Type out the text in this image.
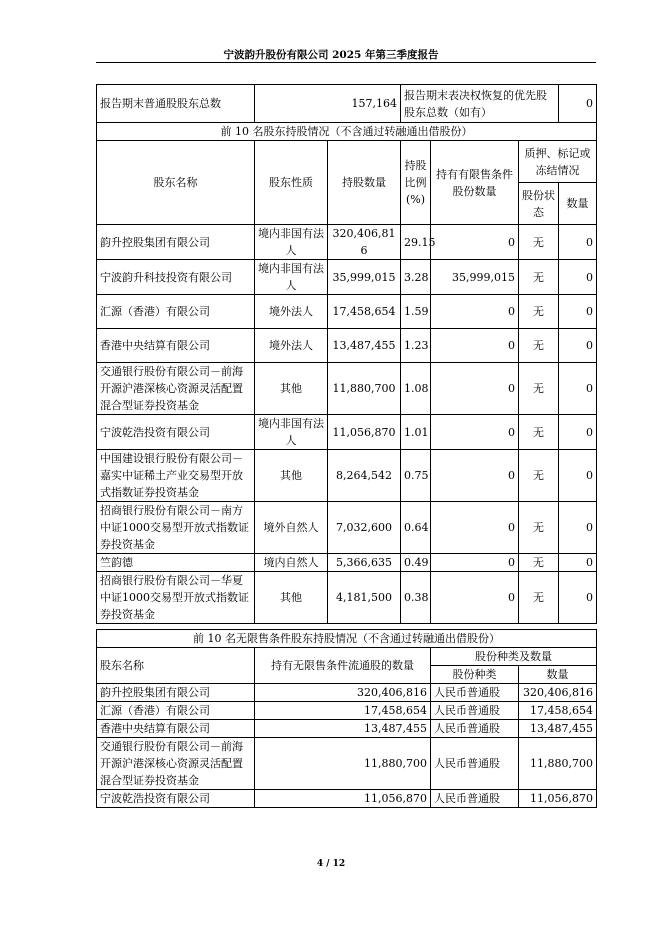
宁波韵升股份有限公司 2025 年第三季度报告
报告期末普通股股东总数	157,164		报告期末表决权恢复的优先股股东总数（如有）			0
前 10 名股东持股情况（不含通过转融通出借股份）						
股东名称	股东性质	持股数量	持股比例(%)	持有有限售条件股份数量	质押、标记或冻结情况	
					股份状态	数量
韵升控股集团有限公司	境内非国有法人	320,406,816	29.15	0	无	0
宁波韵升科技投资有限公司	境内非国有法人	35,999,015	3.28	35,999,015	无	0
汇源（香港）有限公司	境外法人	17,458,654	1.59	0	无	0
香港中央结算有限公司	境外法人	13,487,455	1.23	0	无	0
交通银行股份有限公司－前海开源沪港深核心资源灵活配置混合型证券投资基金	其他	11,880,700	1.08	0	无	0
宁波乾浩投资有限公司	境内非国有法人	11,056,870	1.01	0	无	0
中国建设银行股份有限公司－嘉实中证稀土产业交易型开放式指数证券投资基金	其他	8,264,542	0.75	0	无	0
招商银行股份有限公司－南方中证1000交易型开放式指数证券投资基金	境外自然人	7,032,600	0.64	0	无	0
竺韵德	境内自然人	5,366,635	0.49	0	无	0
招商银行股份有限公司－华夏中证1000交易型开放式指数证券投资基金	其他	4,181,500	0.38	0	无	0
前 10 名无限售条件股东持股情况（不含通过转融通出借股份）			
股东名称	持有无限售条件流通股的数量	股份种类及数量	
		股份种类	数量
韵升控股集团有限公司	320,406,816	人民币普通股	320,406,816
汇源（香港）有限公司	17,458,654	人民币普通股	17,458,654
香港中央结算有限公司	13,487,455	人民币普通股	13,487,455
交通银行股份有限公司－前海开源沪港深核心资源灵活配置混合型证券投资基金	11,880,700	人民币普通股	11,880,700
宁波乾浩投资有限公司	11,056,870	人民币普通股	11,056,870
4 / 12
